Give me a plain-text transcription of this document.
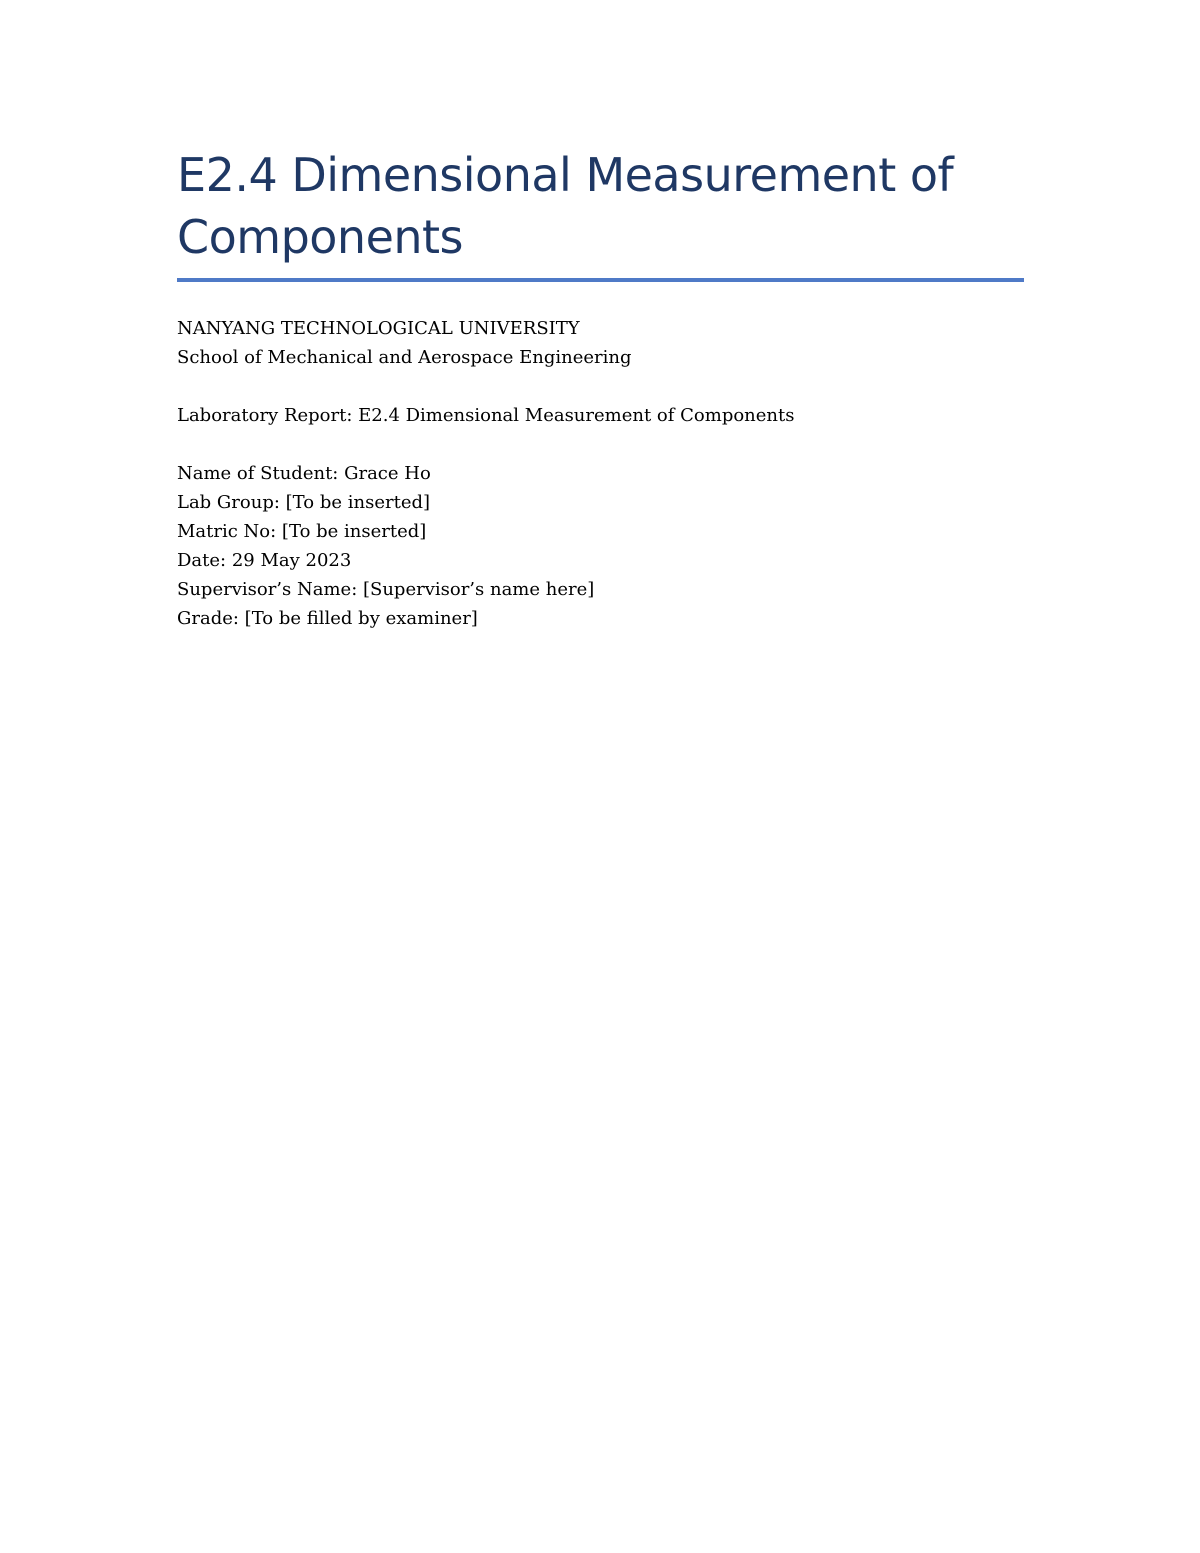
E2.4 Dimensional Measurement of Components
NANYANG TECHNOLOGICAL UNIVERSITY
School of Mechanical and Aerospace Engineering
Laboratory Report: E2.4 Dimensional Measurement of Components
Name of Student: Grace Ho
Lab Group: [To be inserted]
Matric No: [To be inserted]
Date: 29 May 2023
Supervisor’s Name: [Supervisor’s name here]
Grade: [To be filled by examiner]
